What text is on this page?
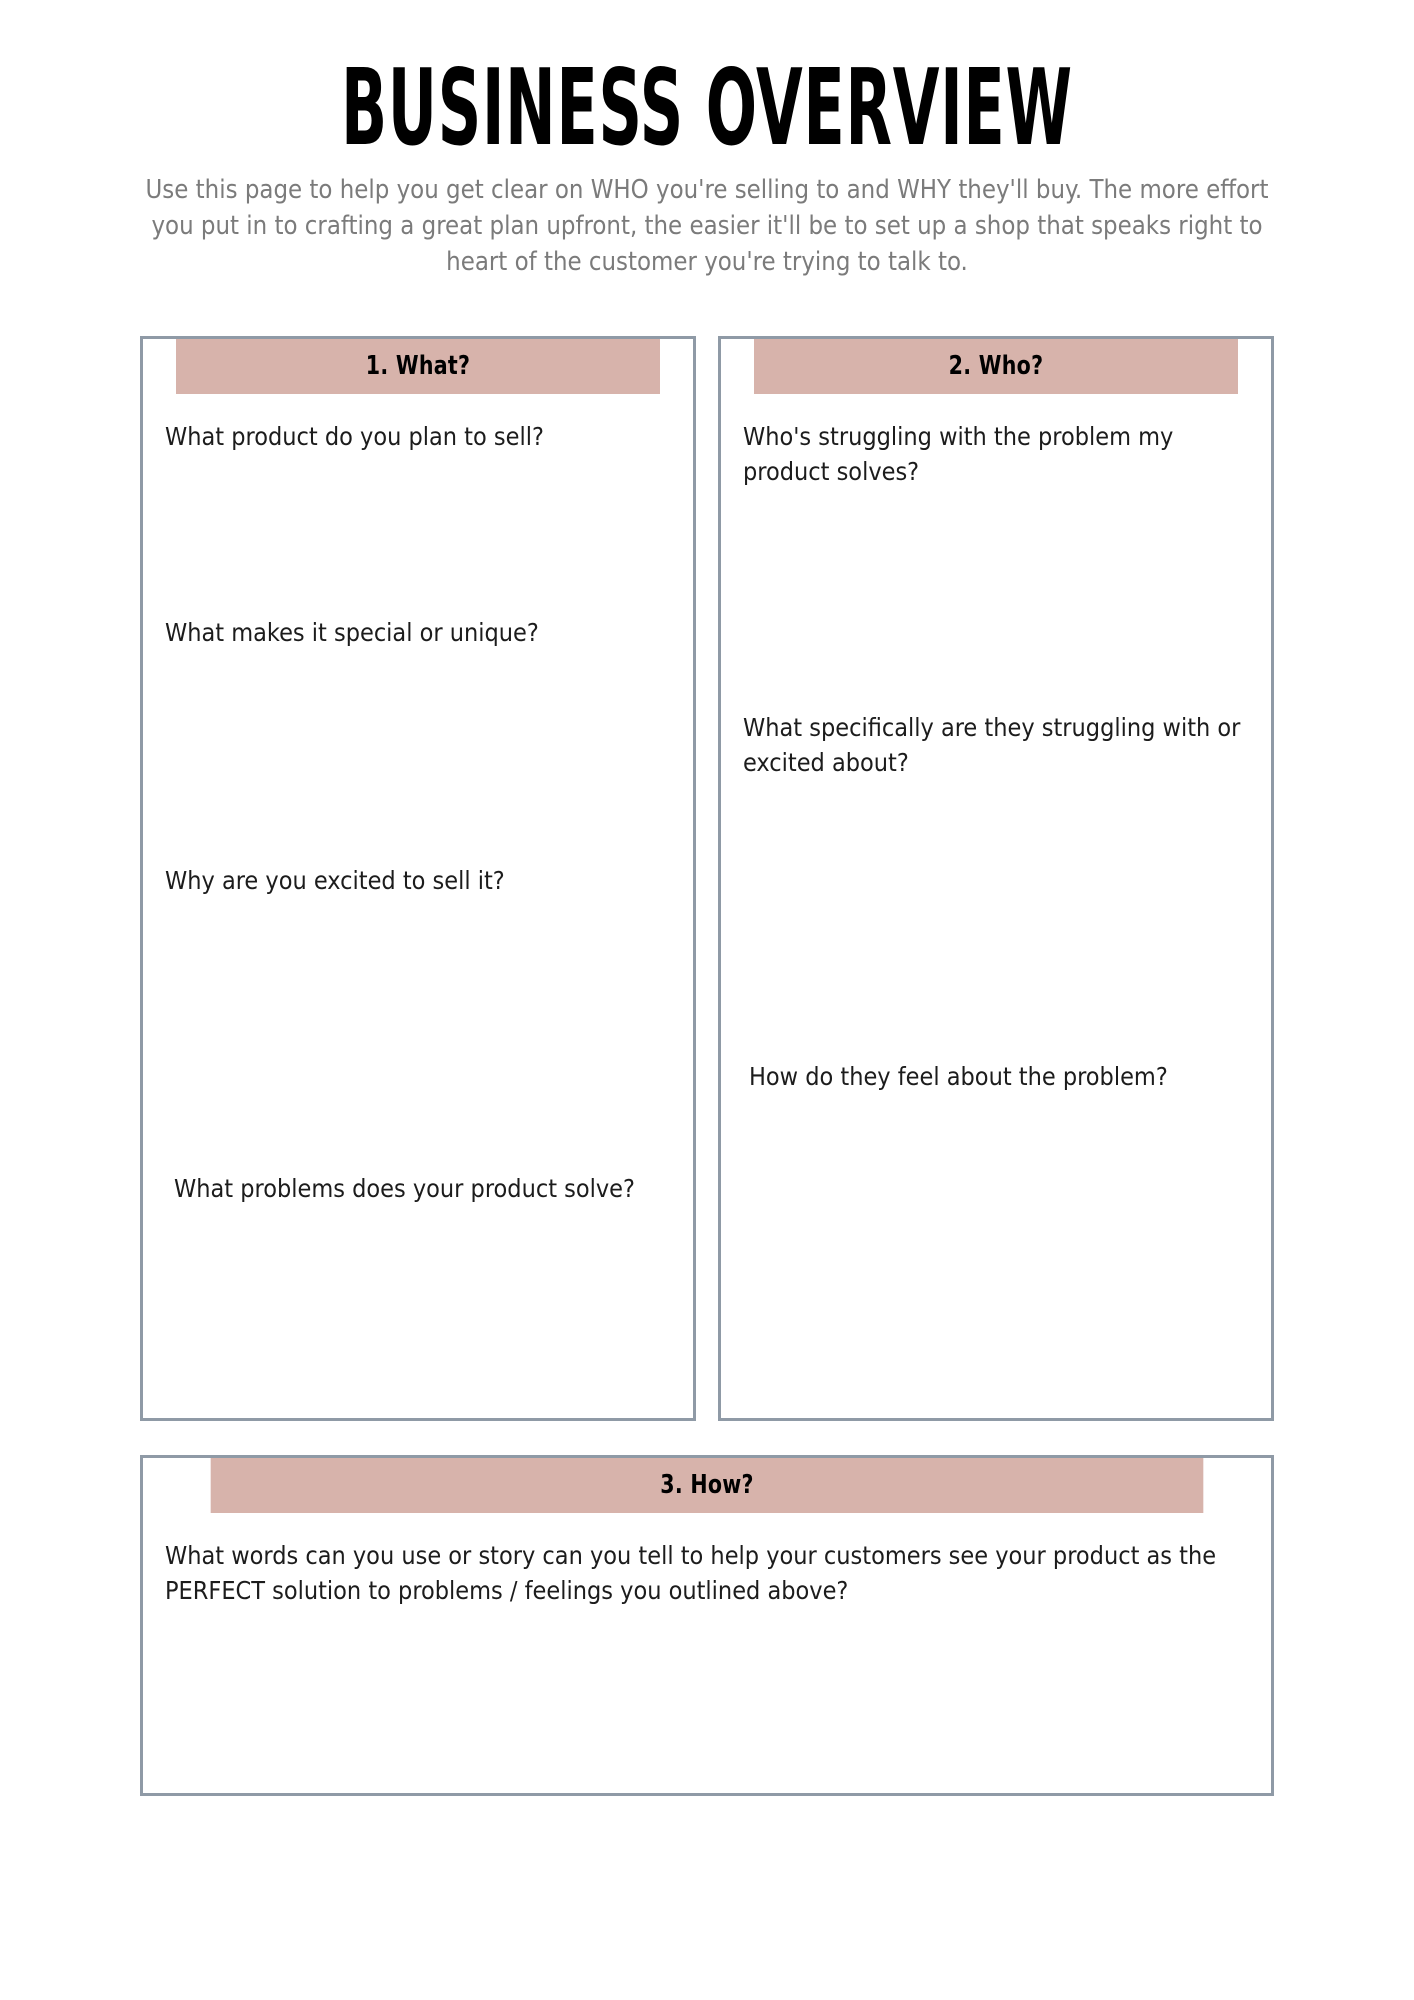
BUSINESS OVERVIEW

Use this page to help you get clear on WHO you're selling to and WHY they'll buy. The more effort you put in to crafting a great plan upfront, the easier it'll be to set up a shop that speaks right to heart of the customer you're trying to talk to.

1. What?
What product do you plan to sell?
What makes it special or unique?
Why are you excited to sell it?
What problems does your product solve?
2. Who?
Who's struggling with the problem my product solves?
What specifically are they struggling with or excited about?
How do they feel about the problem?
3. How?
What words can you use or story can you tell to help your customers see your product as the PERFECT solution to problems / feelings you outlined above?
